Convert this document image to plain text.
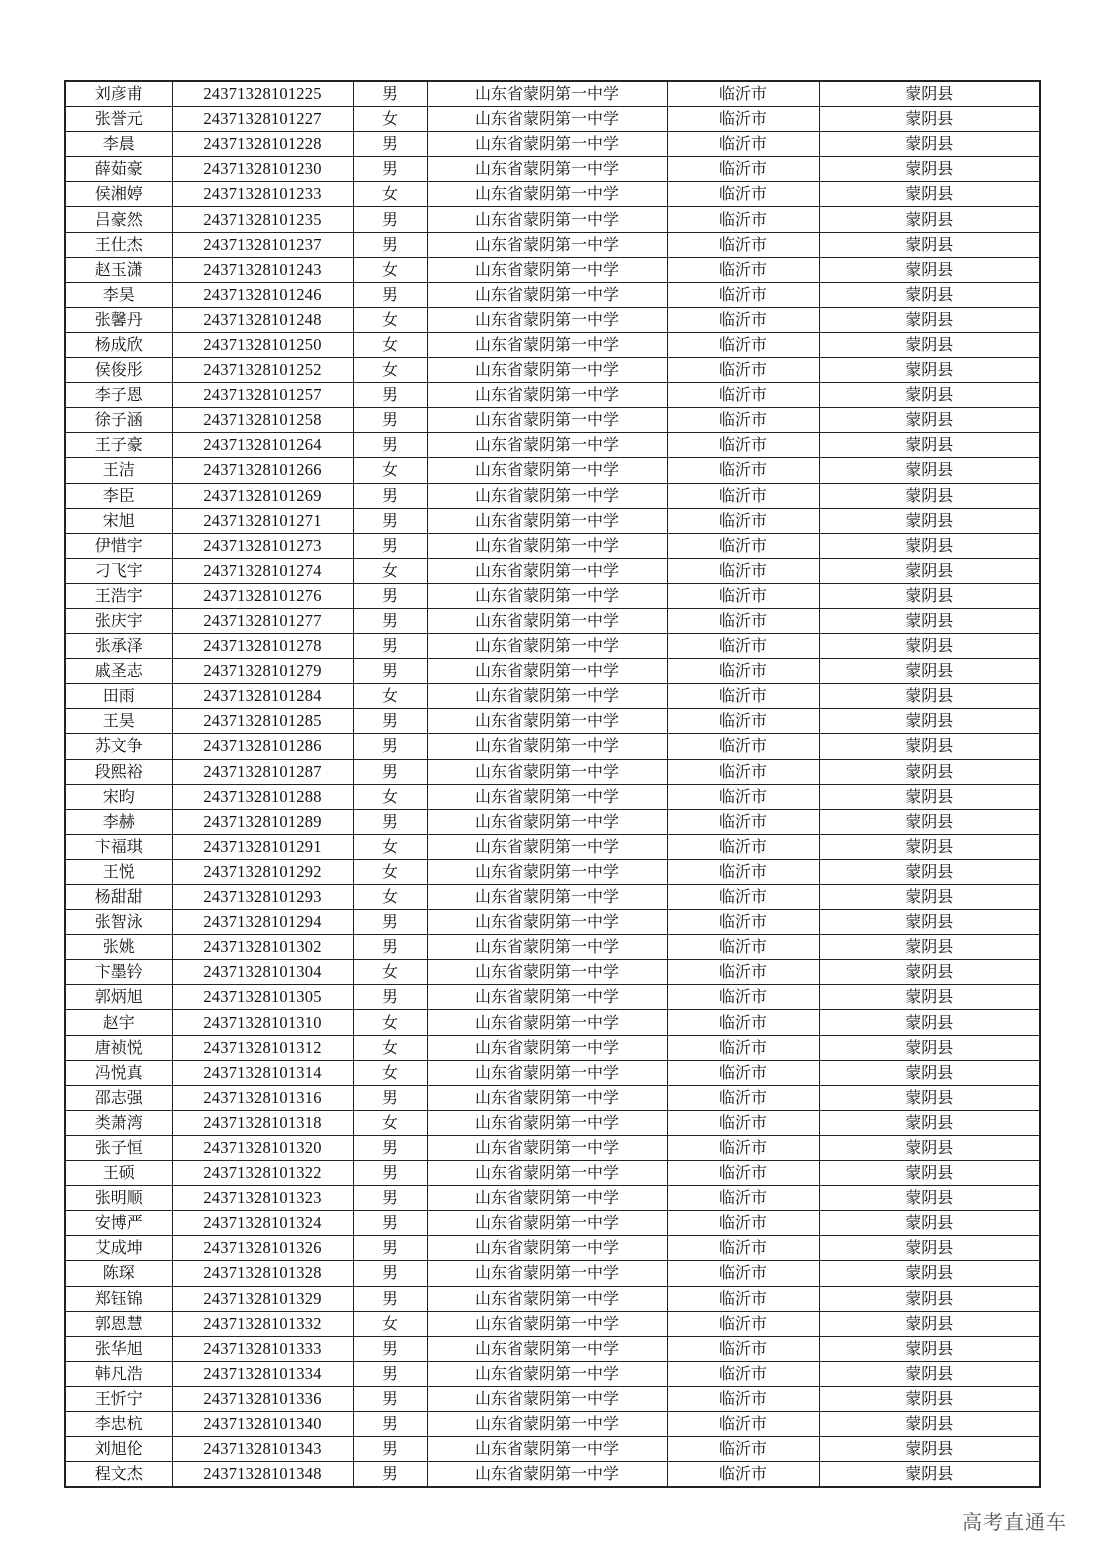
刘彦甫	24371328101225	男	山东省蒙阴第一中学	临沂市	蒙阴县
张誉元	24371328101227	女	山东省蒙阴第一中学	临沂市	蒙阴县
李晨	24371328101228	男	山东省蒙阴第一中学	临沂市	蒙阴县
薛茹豪	24371328101230	男	山东省蒙阴第一中学	临沂市	蒙阴县
侯湘婷	24371328101233	女	山东省蒙阴第一中学	临沂市	蒙阴县
吕豪然	24371328101235	男	山东省蒙阴第一中学	临沂市	蒙阴县
王仕杰	24371328101237	男	山东省蒙阴第一中学	临沂市	蒙阴县
赵玉潇	24371328101243	女	山东省蒙阴第一中学	临沂市	蒙阴县
李昊	24371328101246	男	山东省蒙阴第一中学	临沂市	蒙阴县
张馨丹	24371328101248	女	山东省蒙阴第一中学	临沂市	蒙阴县
杨成欣	24371328101250	女	山东省蒙阴第一中学	临沂市	蒙阴县
侯俊彤	24371328101252	女	山东省蒙阴第一中学	临沂市	蒙阴县
李子恩	24371328101257	男	山东省蒙阴第一中学	临沂市	蒙阴县
徐子涵	24371328101258	男	山东省蒙阴第一中学	临沂市	蒙阴县
王子豪	24371328101264	男	山东省蒙阴第一中学	临沂市	蒙阴县
王洁	24371328101266	女	山东省蒙阴第一中学	临沂市	蒙阴县
李臣	24371328101269	男	山东省蒙阴第一中学	临沂市	蒙阴县
宋旭	24371328101271	男	山东省蒙阴第一中学	临沂市	蒙阴县
伊惜宇	24371328101273	男	山东省蒙阴第一中学	临沂市	蒙阴县
刁飞宇	24371328101274	女	山东省蒙阴第一中学	临沂市	蒙阴县
王浩宇	24371328101276	男	山东省蒙阴第一中学	临沂市	蒙阴县
张庆宇	24371328101277	男	山东省蒙阴第一中学	临沂市	蒙阴县
张承泽	24371328101278	男	山东省蒙阴第一中学	临沂市	蒙阴县
戚圣志	24371328101279	男	山东省蒙阴第一中学	临沂市	蒙阴县
田雨	24371328101284	女	山东省蒙阴第一中学	临沂市	蒙阴县
王昊	24371328101285	男	山东省蒙阴第一中学	临沂市	蒙阴县
苏文争	24371328101286	男	山东省蒙阴第一中学	临沂市	蒙阴县
段熙裕	24371328101287	男	山东省蒙阴第一中学	临沂市	蒙阴县
宋昀	24371328101288	女	山东省蒙阴第一中学	临沂市	蒙阴县
李赫	24371328101289	男	山东省蒙阴第一中学	临沂市	蒙阴县
卞福琪	24371328101291	女	山东省蒙阴第一中学	临沂市	蒙阴县
王悦	24371328101292	女	山东省蒙阴第一中学	临沂市	蒙阴县
杨甜甜	24371328101293	女	山东省蒙阴第一中学	临沂市	蒙阴县
张智泳	24371328101294	男	山东省蒙阴第一中学	临沂市	蒙阴县
张姚	24371328101302	男	山东省蒙阴第一中学	临沂市	蒙阴县
卞墨钤	24371328101304	女	山东省蒙阴第一中学	临沂市	蒙阴县
郭炳旭	24371328101305	男	山东省蒙阴第一中学	临沂市	蒙阴县
赵宇	24371328101310	女	山东省蒙阴第一中学	临沂市	蒙阴县
唐祯悦	24371328101312	女	山东省蒙阴第一中学	临沂市	蒙阴县
冯悦真	24371328101314	女	山东省蒙阴第一中学	临沂市	蒙阴县
邵志强	24371328101316	男	山东省蒙阴第一中学	临沂市	蒙阴县
类萧湾	24371328101318	女	山东省蒙阴第一中学	临沂市	蒙阴县
张子恒	24371328101320	男	山东省蒙阴第一中学	临沂市	蒙阴县
王硕	24371328101322	男	山东省蒙阴第一中学	临沂市	蒙阴县
张明顺	24371328101323	男	山东省蒙阴第一中学	临沂市	蒙阴县
安博严	24371328101324	男	山东省蒙阴第一中学	临沂市	蒙阴县
艾成坤	24371328101326	男	山东省蒙阴第一中学	临沂市	蒙阴县
陈琛	24371328101328	男	山东省蒙阴第一中学	临沂市	蒙阴县
郑钰锦	24371328101329	男	山东省蒙阴第一中学	临沂市	蒙阴县
郭恩慧	24371328101332	女	山东省蒙阴第一中学	临沂市	蒙阴县
张华旭	24371328101333	男	山东省蒙阴第一中学	临沂市	蒙阴县
韩凡浩	24371328101334	男	山东省蒙阴第一中学	临沂市	蒙阴县
王忻宁	24371328101336	男	山东省蒙阴第一中学	临沂市	蒙阴县
李忠杭	24371328101340	男	山东省蒙阴第一中学	临沂市	蒙阴县
刘旭伦	24371328101343	男	山东省蒙阴第一中学	临沂市	蒙阴县
程文杰	24371328101348	男	山东省蒙阴第一中学	临沂市	蒙阴县
高考直通车
